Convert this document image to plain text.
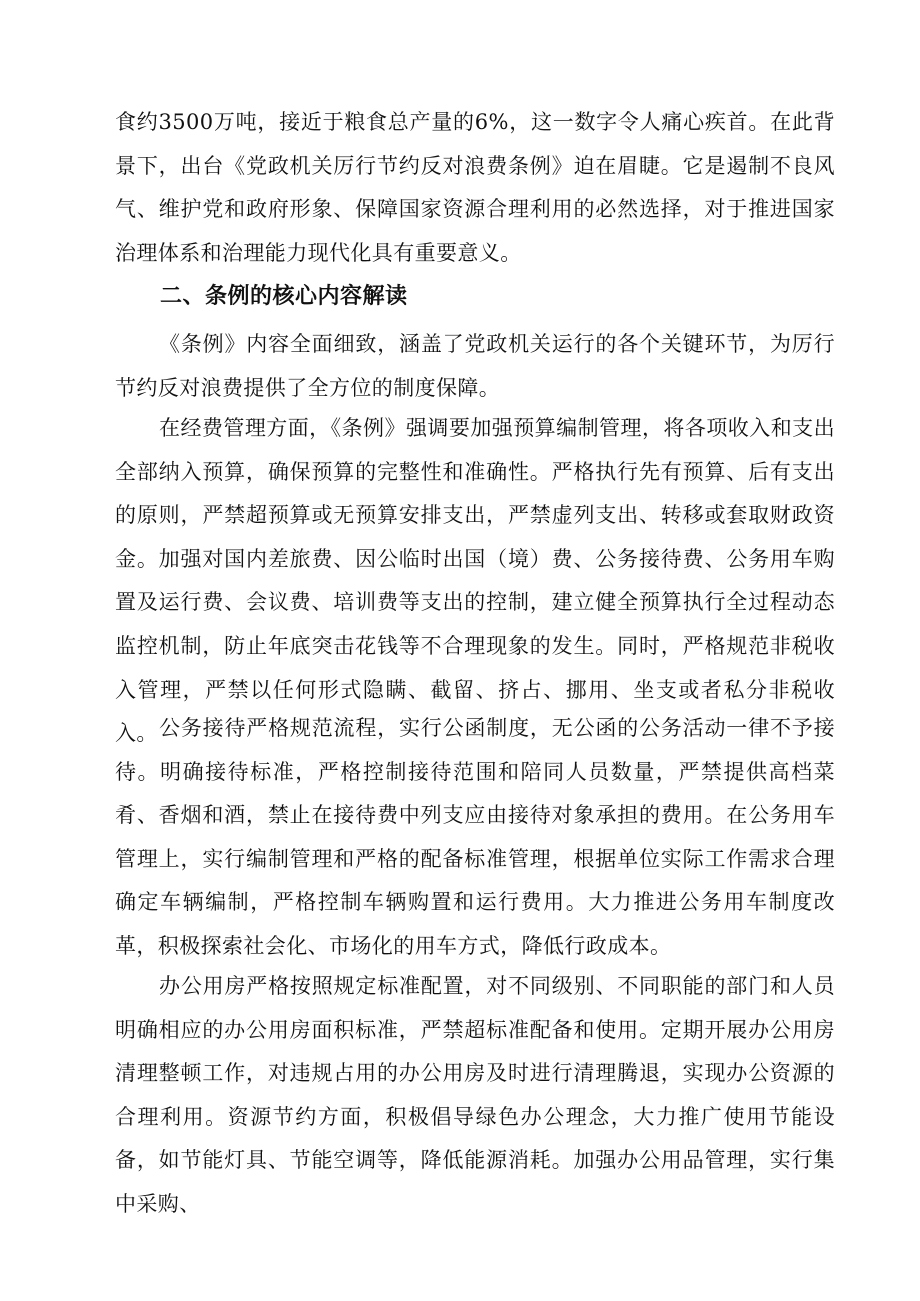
食约3500万吨，接近于粮食总产量的6%，这一数字令人痛心疾首。在此背景下，出台《党政机关厉行节约反对浪费条例》迫在眉睫。它是遏制不良风气、维护党和政府形象、保障国家资源合理利用的必然选择，对于推进国家治理体系和治理能力现代化具有重要意义。

二、条例的核心内容解读

《条例》内容全面细致，涵盖了党政机关运行的各个关键环节，为厉行节约反对浪费提供了全方位的制度保障。

在经费管理方面，《条例》强调要加强预算编制管理，将各项收入和支出全部纳入预算，确保预算的完整性和准确性。严格执行先有预算、后有支出的原则，严禁超预算或无预算安排支出，严禁虚列支出、转移或套取财政资金。加强对国内差旅费、因公临时出国（境）费、公务接待费、公务用车购置及运行费、会议费、培训费等支出的控制，建立健全预算执行全过程动态监控机制，防止年底突击花钱等不合理现象的发生。同时，严格规范非税收入管理，严禁以任何形式隐瞒、截留、挤占、挪用、坐支或者私分非税收入。 公务接待严格规范流程，实行公函制度，无公函的公务活动一律不予接待。明确接待标准，严格控制接待范围和陪同人员数量，严禁提供高档菜肴、香烟和酒，禁止在接待费中列支应由接待对象承担的费用。在公务用车管理上，实行编制管理和严格的配备标准管理，根据单位实际工作需求合理确定车辆编制，严格控制车辆购置和运行费用。大力推进公务用车制度改革，积极探索社会化、市场化的用车方式，降低行政成本。

办公用房严格按照规定标准配置，对不同级别、不同职能的部门和人员明确相应的办公用房面积标准，严禁超标准配备和使用。定期开展办公用房清理整顿工作，对违规占用的办公用房及时进行清理腾退，实现办公资源的合理利用。资源节约方面，积极倡导绿色办公理念，大力推广使用节能设备，如节能灯具、节能空调等，降低能源消耗。加强办公用品管理，实行集中采购、
